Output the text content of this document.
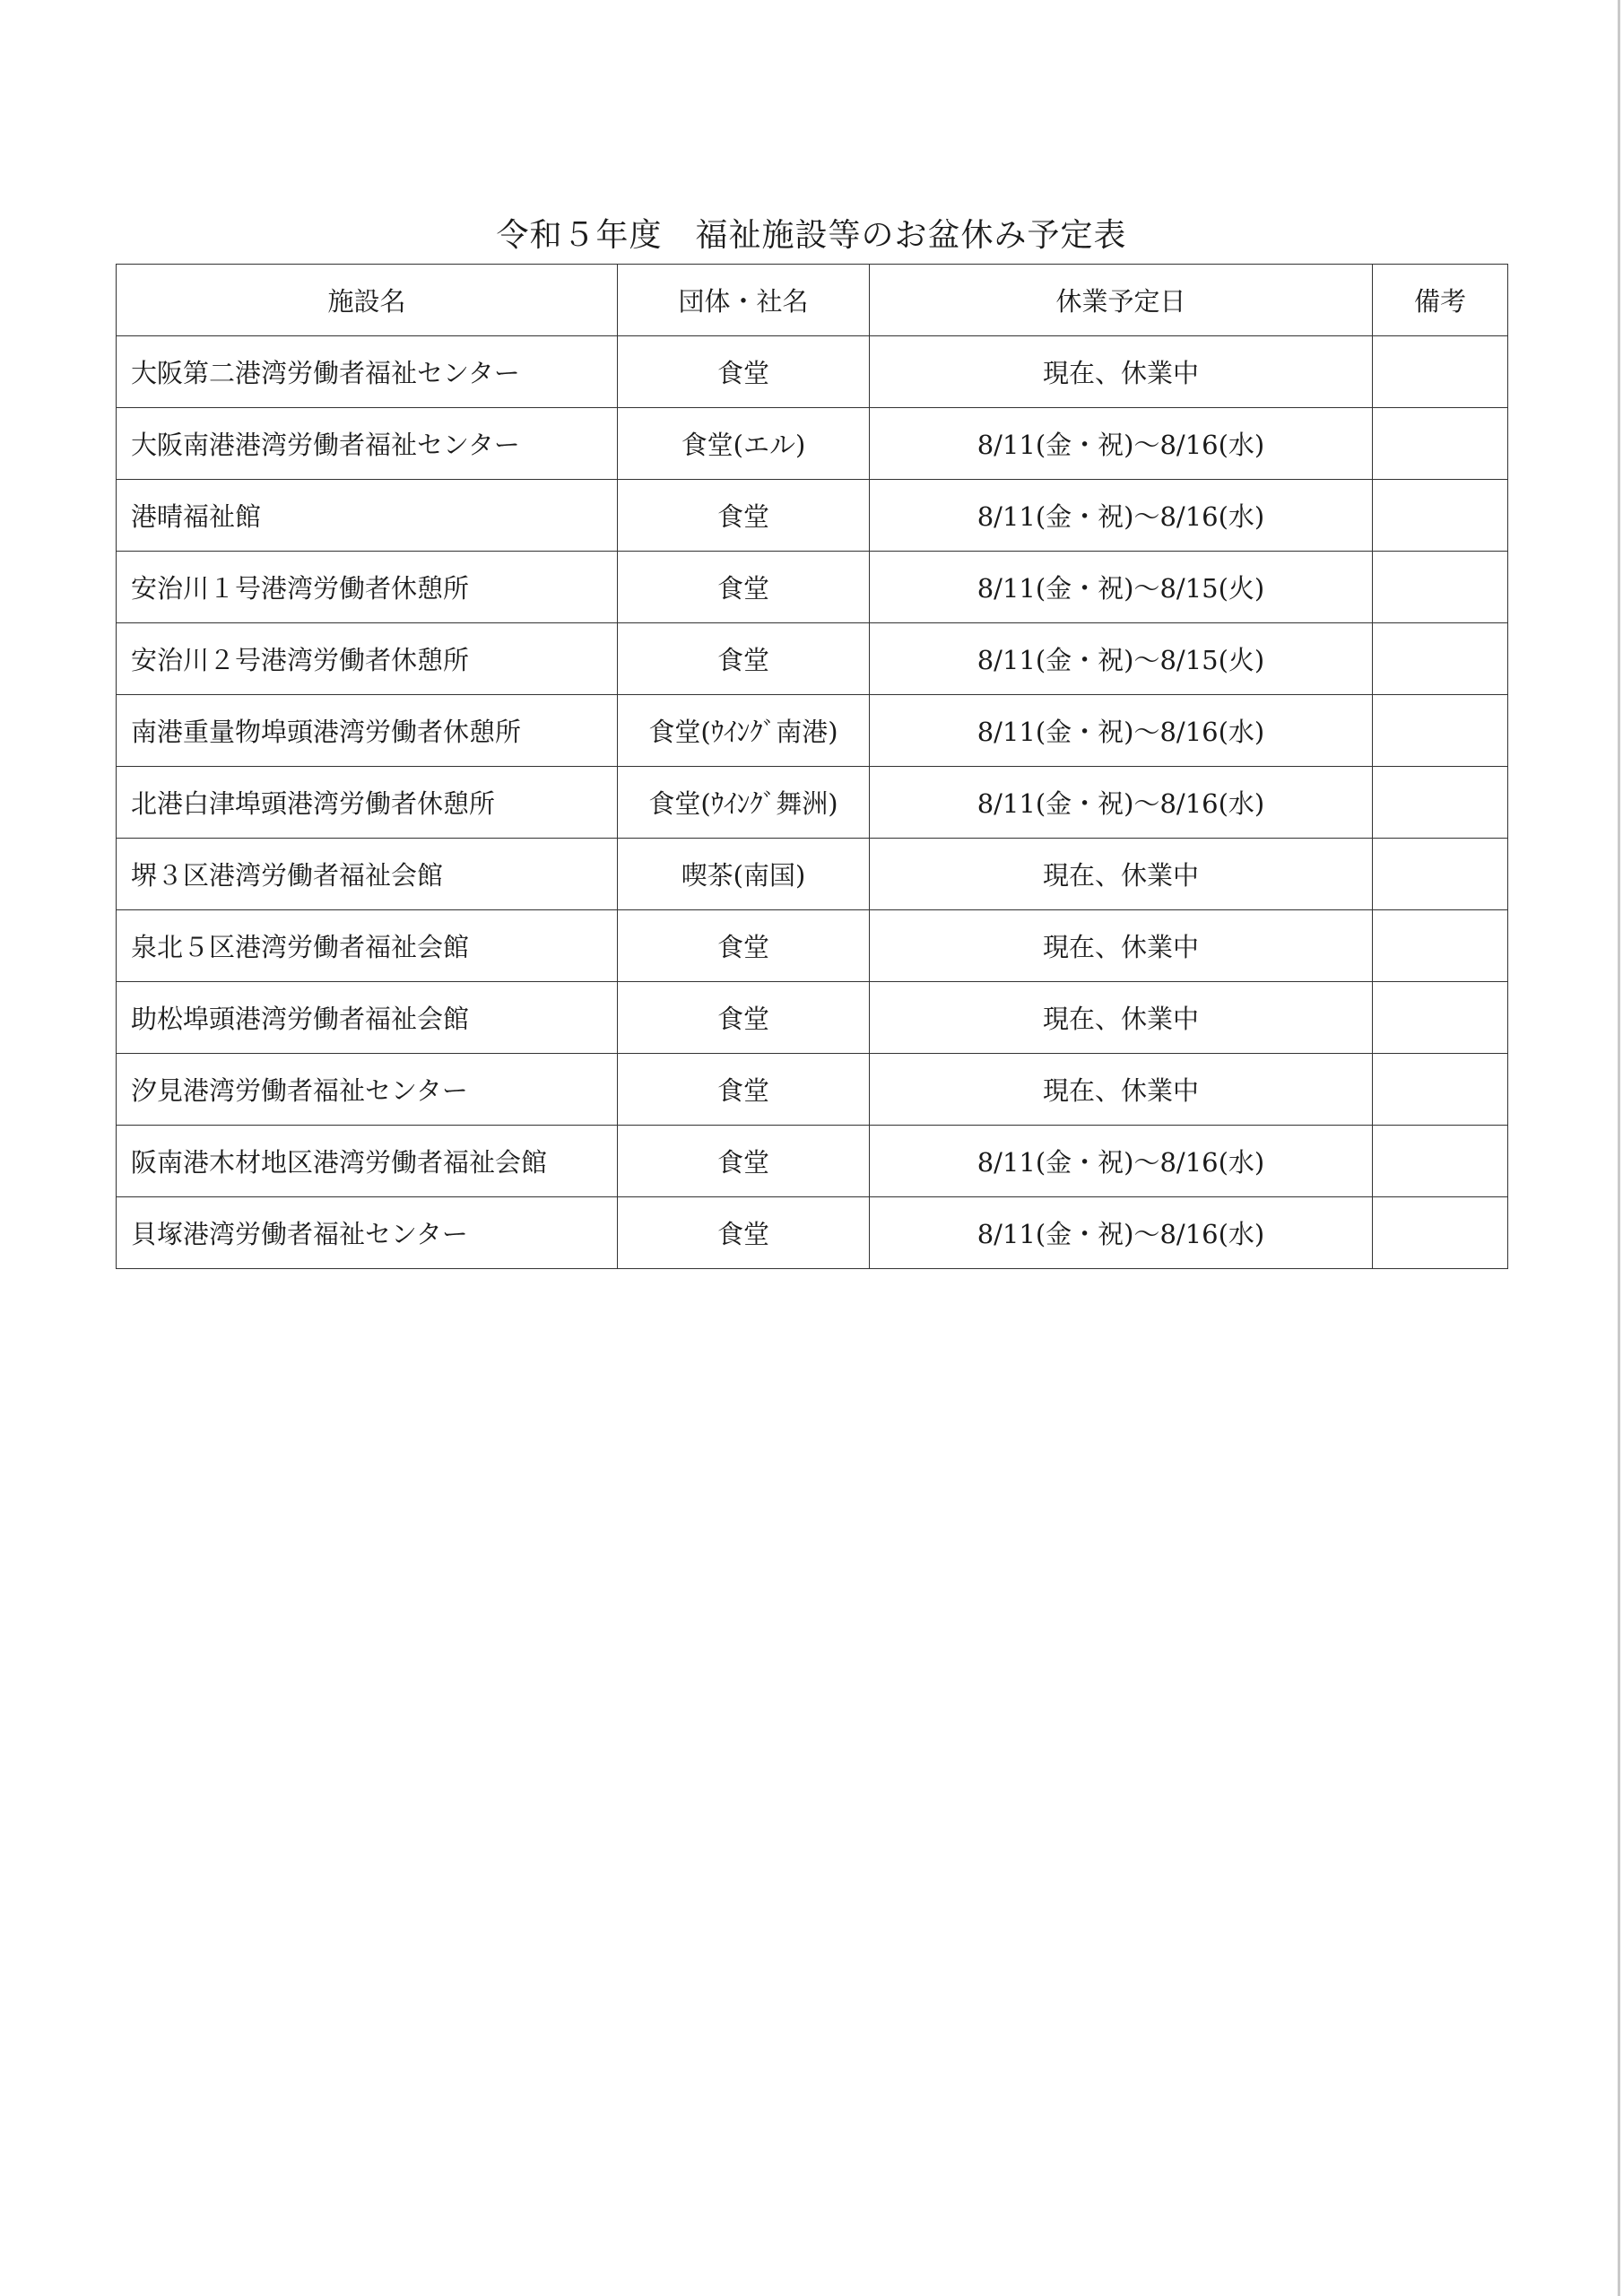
令和５年度　福祉施設等のお盆休み予定表
施設名	団体・社名	休業予定日	備考
大阪第二港湾労働者福祉センター	食堂	現在、休業中	
大阪南港港湾労働者福祉センター	食堂(エル)	8/11(金・祝)～8/16(水)	
港晴福祉館	食堂	8/11(金・祝)～8/16(水)	
安治川１号港湾労働者休憩所	食堂	8/11(金・祝)～8/15(火)	
安治川２号港湾労働者休憩所	食堂	8/11(金・祝)～8/15(火)	
南港重量物埠頭港湾労働者休憩所	食堂(ｳｲﾝｸﾞ南港)	8/11(金・祝)～8/16(水)	
北港白津埠頭港湾労働者休憩所	食堂(ｳｲﾝｸﾞ舞洲)	8/11(金・祝)～8/16(水)	
堺３区港湾労働者福祉会館	喫茶(南国)	現在、休業中	
泉北５区港湾労働者福祉会館	食堂	現在、休業中	
助松埠頭港湾労働者福祉会館	食堂	現在、休業中	
汐見港湾労働者福祉センター	食堂	現在、休業中	
阪南港木材地区港湾労働者福祉会館	食堂	8/11(金・祝)～8/16(水)	
貝塚港湾労働者福祉センター	食堂	8/11(金・祝)～8/16(水)	
